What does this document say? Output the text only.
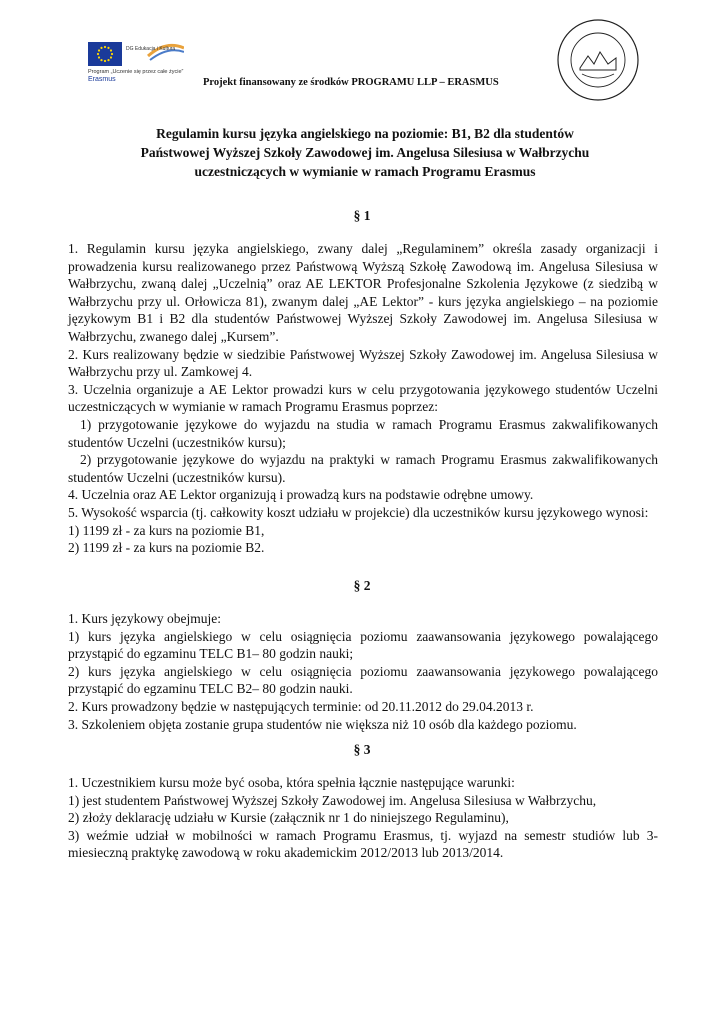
DG Edukacja i Kultura
Program „Uczenie się przez całe życie”
Erasmus	Projekt finansowany ze środków PROGRAMU LLP – ERASMUS
Regulamin kursu języka angielskiego na poziomie: B1, B2 dla studentów
Państwowej Wyższej Szkoły Zawodowej im. Angelusa Silesiusa w Wałbrzychu
uczestniczących w wymianie w ramach Programu Erasmus
§ 1

1. Regulamin kursu języka angielskiego, zwany dalej „Regulaminem” określa zasady organizacji i prowadzenia kursu realizowanego przez Państwową Wyższą Szkołę Zawodową im. Angelusa Silesiusa w Wałbrzychu, zwaną dalej „Uczelnią” oraz AE LEKTOR Profesjonalne Szkolenia Językowe (z siedzibą w Wałbrzychu przy ul. Orłowicza 81), zwanym dalej „AE Lektor” - kurs języka angielskiego – na poziomie językowym B1 i B2 dla studentów Państwowej Wyższej Szkoły Zawodowej im. Angelusa Silesiusa w Wałbrzychu, zwanego dalej „Kursem”.

2. Kurs realizowany będzie w siedzibie Państwowej Wyższej Szkoły Zawodowej im. Angelusa Silesiusa w Wałbrzychu przy ul. Zamkowej 4.

3. Uczelnia organizuje a AE Lektor prowadzi kurs w celu przygotowania językowego studentów Uczelni uczestniczących w wymianie w ramach Programu Erasmus poprzez:

1) przygotowanie językowe do wyjazdu na studia w ramach Programu Erasmus zakwalifikowanych studentów Uczelni (uczestników kursu);

2) przygotowanie językowe do wyjazdu na praktyki w ramach Programu Erasmus zakwalifikowanych studentów Uczelni (uczestników kursu).

4. Uczelnia oraz AE Lektor organizują i prowadzą kurs na podstawie odrębne umowy.

5. Wysokość wsparcia (tj. całkowity koszt udziału w projekcie) dla uczestników kursu językowego wynosi:

1) 1199 zł - za kurs na poziomie B1,

2) 1199 zł - za kurs na poziomie B2.

§ 2

1. Kurs językowy obejmuje:

1) kurs języka angielskiego w celu osiągnięcia poziomu zaawansowania językowego powalającego przystąpić do egzaminu TELC B1– 80 godzin nauki;

2) kurs języka angielskiego w celu osiągnięcia poziomu zaawansowania językowego powalającego przystąpić do egzaminu TELC B2– 80 godzin nauki.

2. Kurs prowadzony będzie w następujących terminie: od 20.11.2012 do 29.04.2013 r.

3. Szkoleniem objęta zostanie grupa studentów nie większa niż 10 osób dla każdego poziomu.

§ 3

1. Uczestnikiem kursu może być osoba, która spełnia łącznie następujące warunki:

1) jest studentem Państwowej Wyższej Szkoły Zawodowej im. Angelusa Silesiusa w Wałbrzychu,

2) złoży deklarację udziału w Kursie (załącznik nr 1 do niniejszego Regulaminu),

3) weźmie udział w mobilności w ramach Programu Erasmus, tj. wyjazd na semestr studiów lub 3-miesieczną praktykę zawodową w roku akademickim 2012/2013 lub 2013/2014.
